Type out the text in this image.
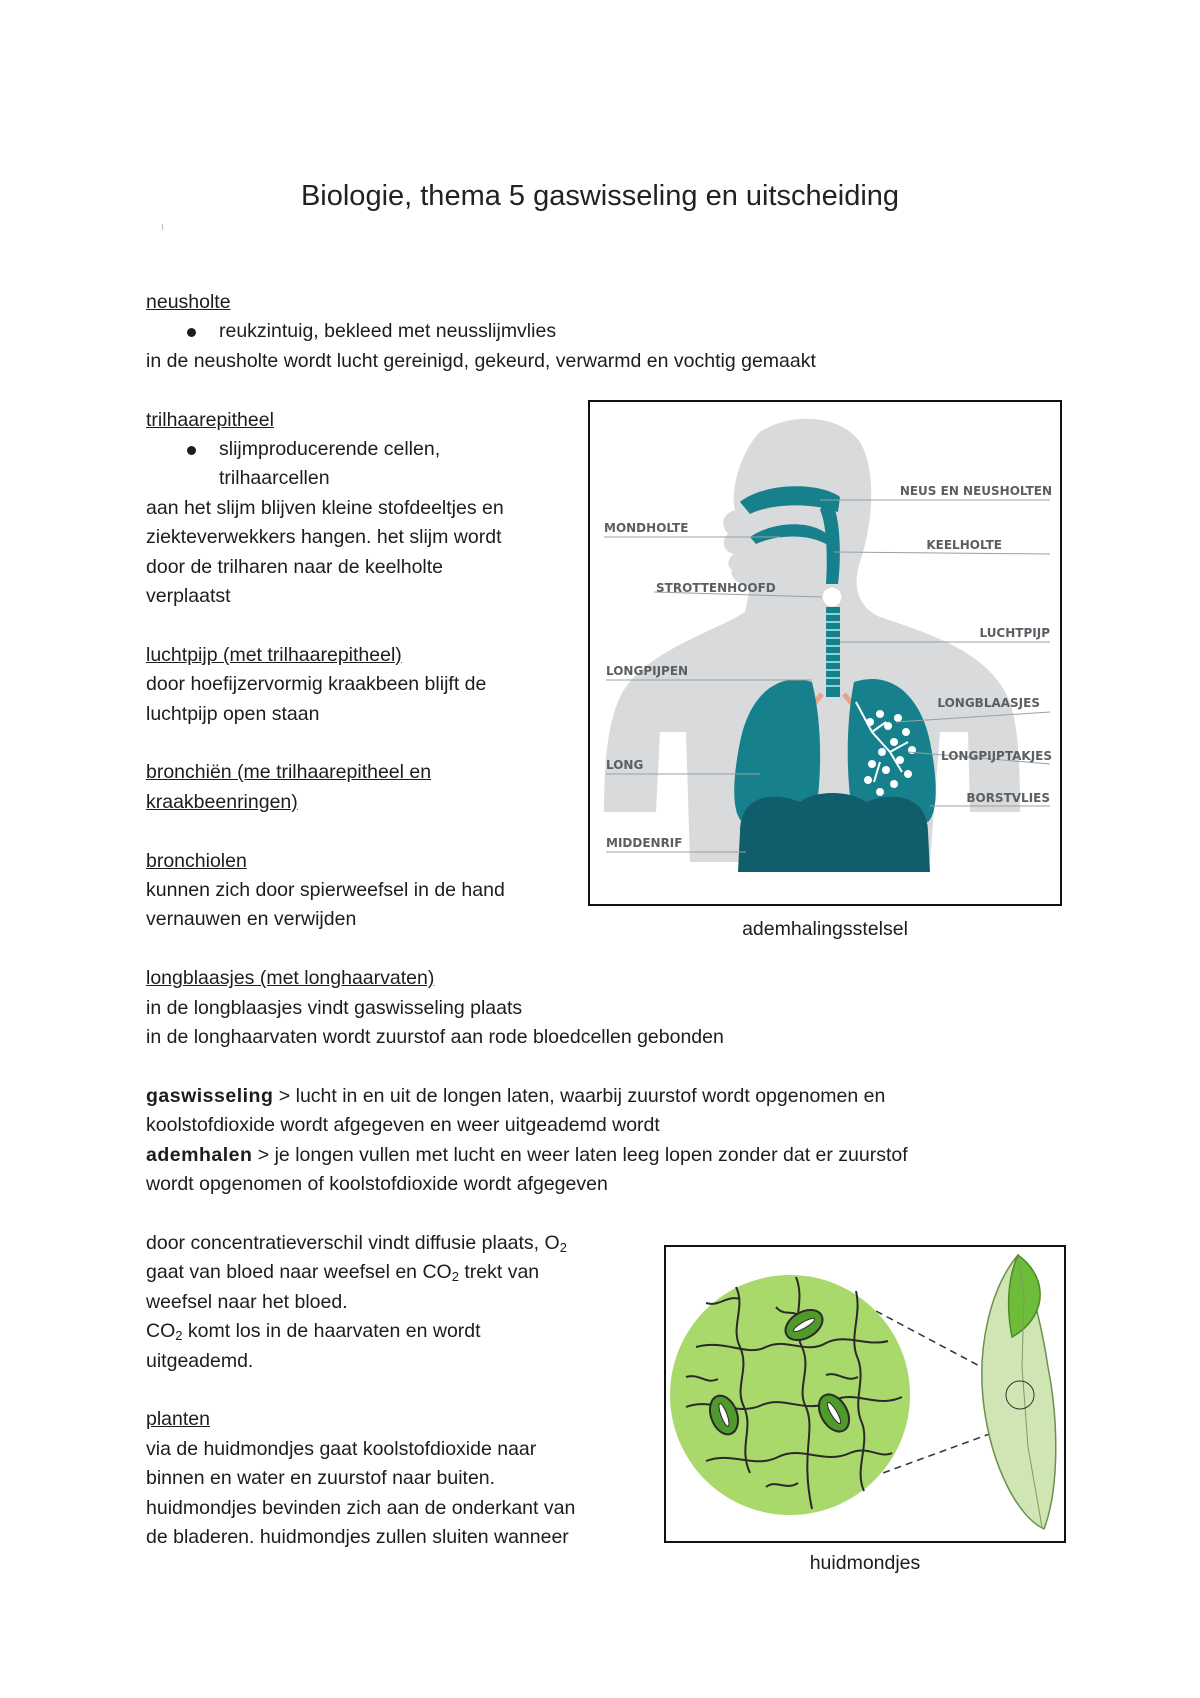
Biologie, thema 5 gaswisseling en uitscheiding

neusholte

reukzintuig, bekleed met neusslijmvlies

in de neusholte wordt lucht gereinigd, gekeurd, verwarmd en vochtig gemaakt

trilhaarepitheel

slijmproducerende cellen,

trilhaarcellen

aan het slijm blijven kleine stofdeeltjes en

ziekteverwekkers hangen. het slijm wordt

door de trilharen naar de keelholte

verplaatst

luchtpijp (met trilhaarepitheel)

door hoefijzervormig kraakbeen blijft de

luchtpijp open staan

bronchiën (me trilhaarepitheel en

kraakbeenringen)

bronchiolen

kunnen zich door spierweefsel in de hand

vernauwen en verwijden

longblaasjes (met longhaarvaten)

in de longblaasjes vindt gaswisseling plaats

in de longhaarvaten wordt zuurstof aan rode bloedcellen gebonden

gaswisseling > lucht in en uit de longen laten, waarbij zuurstof wordt opgenomen en

koolstofdioxide wordt afgegeven en weer uitgeademd wordt

ademhalen > je longen vullen met lucht en weer laten leeg lopen zonder dat er zuurstof

wordt opgenomen of koolstofdioxide wordt afgegeven

door concentratieverschil vindt diffusie plaats, $O_2$

gaat van bloed naar weefsel en $CO_2$ trekt van

weefsel naar het bloed.

$CO_2$ komt los in de haarvaten en wordt

uitgeademd.

planten

via de huidmondjes gaat koolstofdioxide naar

binnen en water en zuurstof naar buiten.

huidmondjes bevinden zich aan de onderkant van

de bladeren. huidmondjes zullen sluiten wanneer

NEUS EN NEUSHOLTEN
MONDHOLTE
KEELHOLTE
STROTTENHOOFD
LUCHTPIJP
LONGPIJPEN
LONGBLAASJES
LONGPIJPTAKJES
LONG
BORSTVLIES
MIDDENRIF
ademhalingsstelsel
huidmondjes
